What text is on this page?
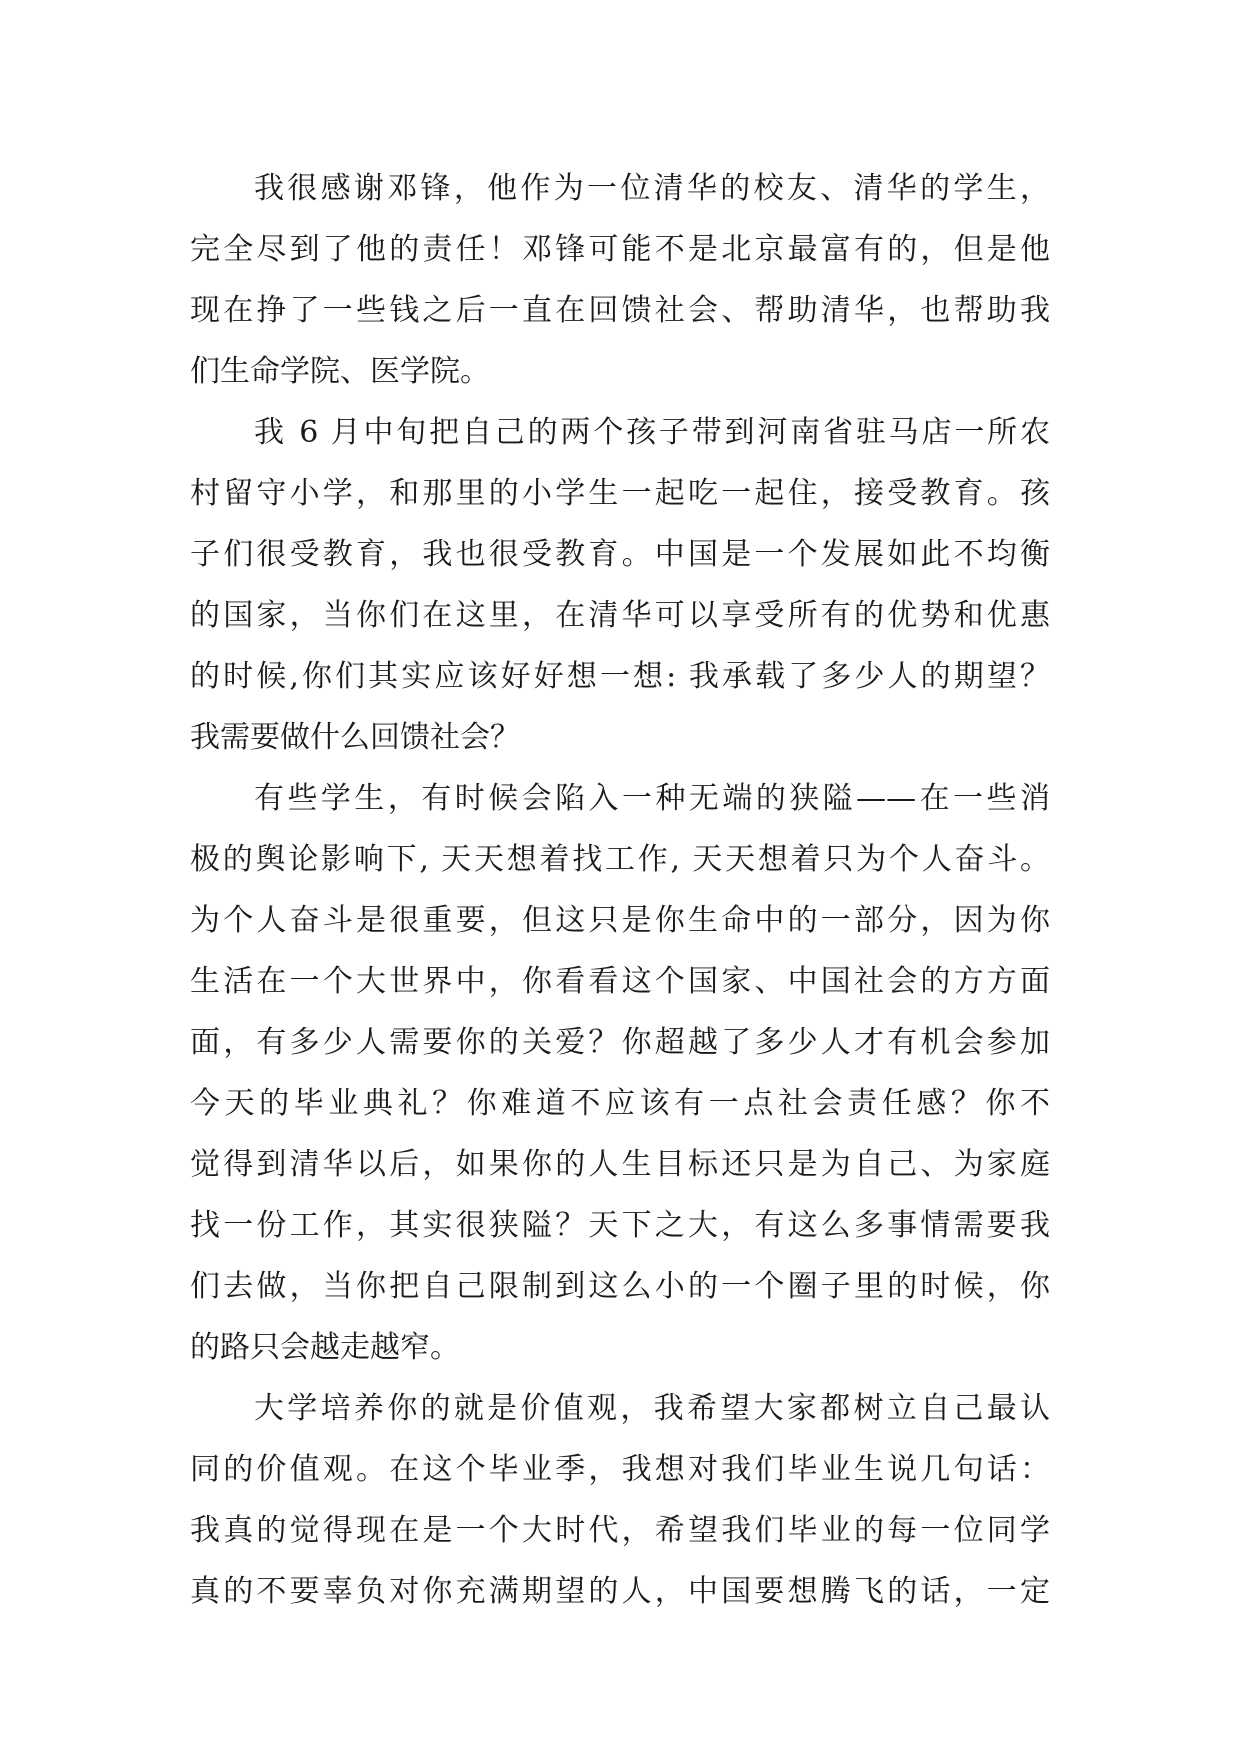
我很感谢邓锋，他作为一位清华的校友、清华的学生，
完全尽到了他的责任！邓锋可能不是北京最富有的，但是他
现在挣了一些钱之后一直在回馈社会、帮助清华，也帮助我
们生命学院、医学院。
我 6 月中旬把自己的两个孩子带到河南省驻马店一所农
村留守小学，和那里的小学生一起吃一起住，接受教育。孩
子们很受教育，我也很受教育。中国是一个发展如此不均衡
的国家，当你们在这里，在清华可以享受所有的优势和优惠
的时候,你们其实应该好好想一想: 我承载了多少人的期望？
我需要做什么回馈社会？
有些学生，有时候会陷入一种无端的狭隘——在一些消
极的舆论影响下, 天天想着找工作, 天天想着只为个人奋斗。
为个人奋斗是很重要，但这只是你生命中的一部分，因为你
生活在一个大世界中，你看看这个国家、中国社会的方方面
面，有多少人需要你的关爱？你超越了多少人才有机会参加
今天的毕业典礼？你难道不应该有一点社会责任感？你不
觉得到清华以后，如果你的人生目标还只是为自己、为家庭
找一份工作，其实很狭隘？天下之大，有这么多事情需要我
们去做，当你把自己限制到这么小的一个圈子里的时候，你
的路只会越走越窄。
大学培养你的就是价值观，我希望大家都树立自己最认
同的价值观。在这个毕业季，我想对我们毕业生说几句话：
我真的觉得现在是一个大时代，希望我们毕业的每一位同学
真的不要辜负对你充满期望的人，中国要想腾飞的话，一定
